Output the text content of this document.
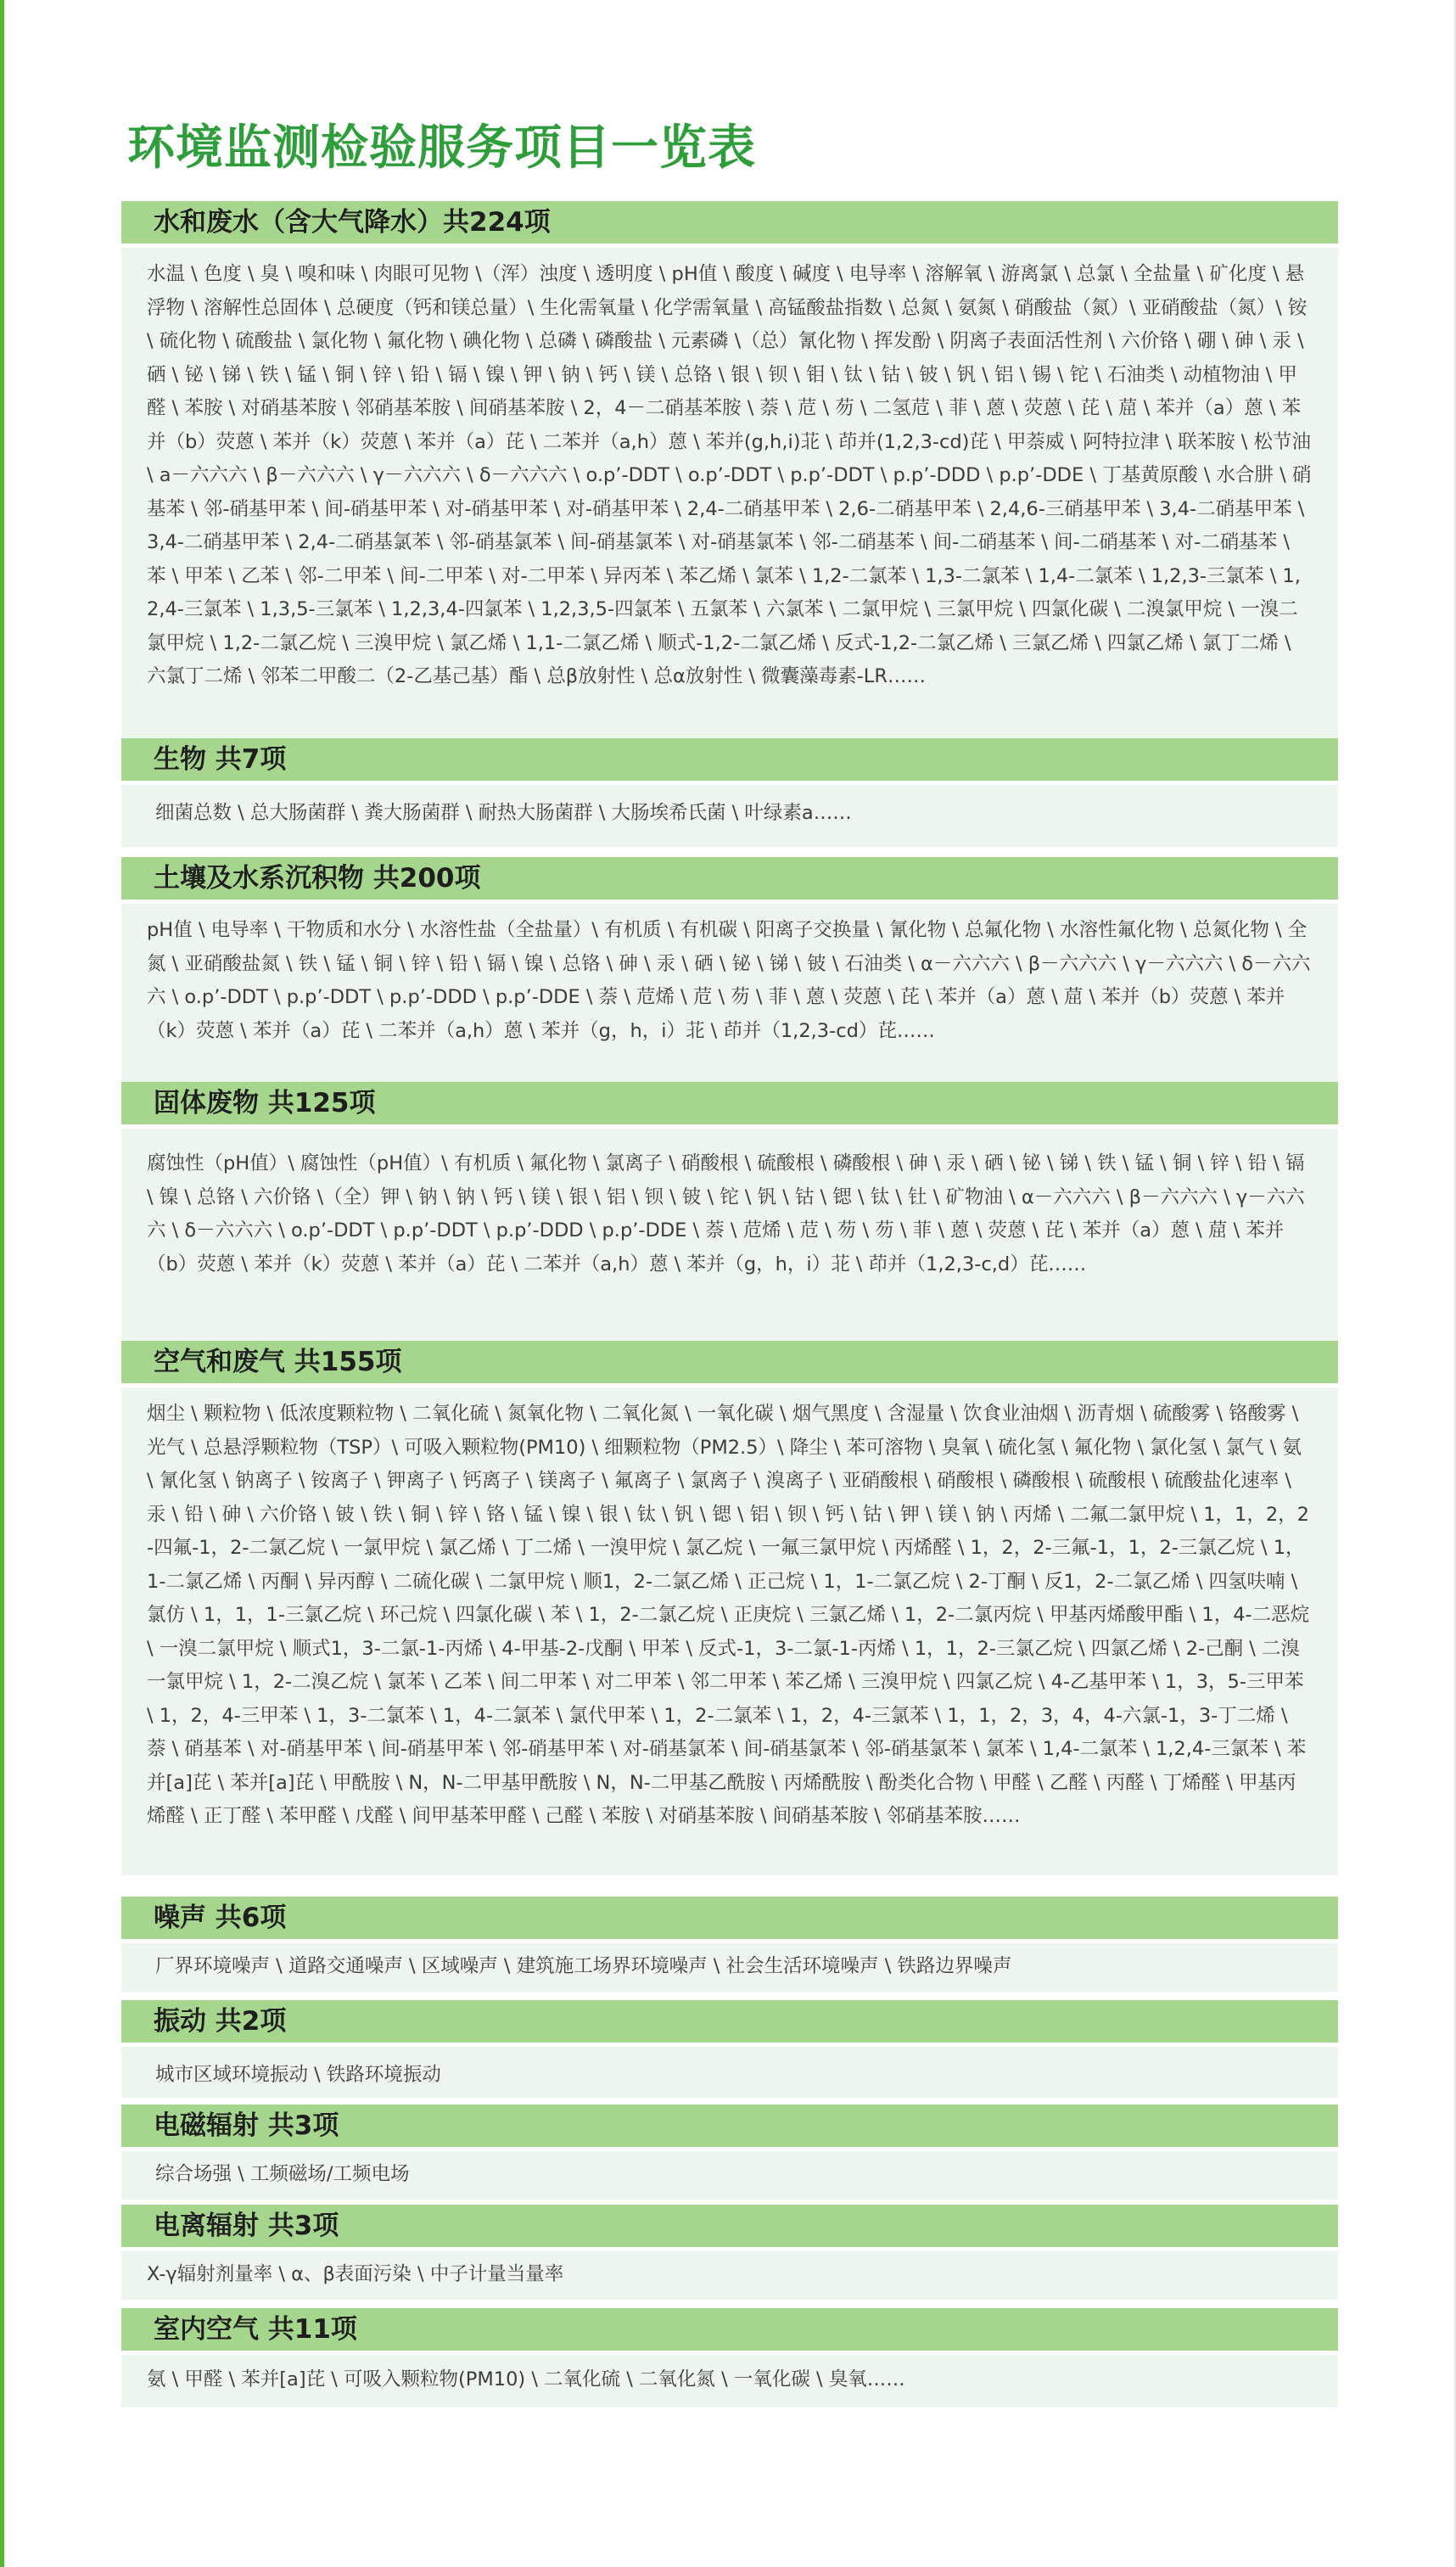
环境监测检验服务项目一览表
水和废水（含大气降水）共224项
水温 \ 色度 \ 臭 \ 嗅和味 \ 肉眼可见物 \（浑）浊度 \ 透明度 \ pH值 \ 酸度 \ 碱度 \ 电导率 \ 溶解氧 \ 游离氯 \ 总氯 \ 全盐量 \ 矿化度 \ 悬浮物 \ 溶解性总固体 \ 总硬度（钙和镁总量）\ 生化需氧量 \ 化学需氧量 \ 高锰酸盐指数 \ 总氮 \ 氨氮 \ 硝酸盐（氮）\ 亚硝酸盐（氮）\ 铵 \ 硫化物 \ 硫酸盐 \ 氯化物 \ 氟化物 \ 碘化物 \ 总磷 \ 磷酸盐 \ 元素磷 \（总）氰化物 \ 挥发酚 \ 阴离子表面活性剂 \ 六价铬 \ 硼 \ 砷 \ 汞 \ 硒 \ 铋 \ 锑 \ 铁 \ 锰 \ 铜 \ 锌 \ 铅 \ 镉 \ 镍 \ 钾 \ 钠 \ 钙 \ 镁 \ 总铬 \ 银 \ 钡 \ 钼 \ 钛 \ 钴 \ 铍 \ 钒 \ 铝 \ 锡 \ 铊 \ 石油类 \ 动植物油 \ 甲醛 \ 苯胺 \ 对硝基苯胺 \ 邻硝基苯胺 \ 间硝基苯胺 \ 2，4－二硝基苯胺 \ 萘 \ 苊 \ 芴 \ 二氢苊 \ 菲 \ 蒽 \ 荧蒽 \ 芘 \ 䓛 \ 苯并（a）蒽 \ 苯并（b）荧蒽 \ 苯并（k）荧蒽 \ 苯并（a）芘 \ 二苯并（a,h）蒽 \ 苯并(g,h,i)苝 \ 茚并(1,2,3-cd)芘 \ 甲萘威 \ 阿特拉津 \ 联苯胺 \ 松节油 \ a－六六六 \ β－六六六 \ γ－六六六 \ δ－六六六 \ o.p’-DDT \ o.p’-DDT \ p.p’-DDT \ p.p’-DDD \ p.p’-DDE \ 丁基黄原酸 \ 水合肼 \ 硝基苯 \ 邻-硝基甲苯 \ 间-硝基甲苯 \ 对-硝基甲苯 \ 对-硝基甲苯 \ 2,4-二硝基甲苯 \ 2,6-二硝基甲苯 \ 2,4,6-三硝基甲苯 \ 3,4-二硝基甲苯 \ 3,4-二硝基甲苯 \ 2,4-二硝基氯苯 \ 邻-硝基氯苯 \ 间-硝基氯苯 \ 对-硝基氯苯 \ 邻-二硝基苯 \ 间-二硝基苯 \ 间-二硝基苯 \ 对-二硝基苯 \ 苯 \ 甲苯 \ 乙苯 \ 邻-二甲苯 \ 间-二甲苯 \ 对-二甲苯 \ 异丙苯 \ 苯乙烯 \ 氯苯 \ 1,2-二氯苯 \ 1,3-二氯苯 \ 1,4-二氯苯 \ 1,2,3-三氯苯 \ 1,2,4-三氯苯 \ 1,3,5-三氯苯 \ 1,2,3,4-四氯苯 \ 1,2,3,5-四氯苯 \ 五氯苯 \ 六氯苯 \ 二氯甲烷 \ 三氯甲烷 \ 四氯化碳 \ 二溴氯甲烷 \ 一溴二氯甲烷 \ 1,2-二氯乙烷 \ 三溴甲烷 \ 氯乙烯 \ 1,1-二氯乙烯 \ 顺式-1,2-二氯乙烯 \ 反式-1,2-二氯乙烯 \ 三氯乙烯 \ 四氯乙烯 \ 氯丁二烯 \ 六氯丁二烯 \ 邻苯二甲酸二（2-乙基己基）酯 \ 总β放射性 \ 总α放射性 \ 微囊藻毒素-LR……
生物 共7项
细菌总数 \ 总大肠菌群 \ 粪大肠菌群 \ 耐热大肠菌群 \ 大肠埃希氏菌 \ 叶绿素a……
土壤及水系沉积物 共200项
pH值 \ 电导率 \ 干物质和水分 \ 水溶性盐（全盐量）\ 有机质 \ 有机碳 \ 阳离子交换量 \ 氰化物 \ 总氟化物 \ 水溶性氟化物 \ 总氮化物 \ 全氮 \ 亚硝酸盐氮 \ 铁 \ 锰 \ 铜 \ 锌 \ 铅 \ 镉 \ 镍 \ 总铬 \ 砷 \ 汞 \ 硒 \ 铋 \ 锑 \ 铍 \ 石油类 \ α－六六六 \ β－六六六 \ γ－六六六 \ δ－六六六 \ o.p’-DDT \ p.p’-DDT \ p.p’-DDD \ p.p’-DDE \ 萘 \ 苊烯 \ 苊 \ 芴 \ 菲 \ 蒽 \ 荧蒽 \ 芘 \ 苯并（a）蒽 \ 䓛 \ 苯并（b）荧蒽 \ 苯并（k）荧蒽 \ 苯并（a）芘 \ 二苯并（a,h）蒽 \ 苯并（g，h，i）苝 \ 茚并（1,2,3-cd）芘……
固体废物 共125项
腐蚀性（pH值）\ 腐蚀性（pH值）\ 有机质 \ 氟化物 \ 氯离子 \ 硝酸根 \ 硫酸根 \ 磷酸根 \ 砷 \ 汞 \ 硒 \ 铋 \ 锑 \ 铁 \ 锰 \ 铜 \ 锌 \ 铅 \ 镉 \ 镍 \ 总铬 \ 六价铬 \（全）钾 \ 钠 \ 钠 \ 钙 \ 镁 \ 银 \ 铝 \ 钡 \ 铍 \ 铊 \ 钒 \ 钴 \ 锶 \ 钛 \ 钍 \ 矿物油 \ α－六六六 \ β－六六六 \ γ－六六六 \ δ－六六六 \ o.p’-DDT \ p.p’-DDT \ p.p’-DDD \ p.p’-DDE \ 萘 \ 苊烯 \ 苊 \ 芴 \ 芴 \ 菲 \ 蒽 \ 荧蒽 \ 芘 \ 苯并（a）蒽 \ 䓛 \ 苯并（b）荧蒽 \ 苯并（k）荧蒽 \ 苯并（a）芘 \ 二苯并（a,h）蒽 \ 苯并（g，h，i）苝 \ 茚并（1,2,3-c,d）芘……
空气和废气 共155项
烟尘 \ 颗粒物 \ 低浓度颗粒物 \ 二氧化硫 \ 氮氧化物 \ 二氧化氮 \ 一氧化碳 \ 烟气黑度 \ 含湿量 \ 饮食业油烟 \ 沥青烟 \ 硫酸雾 \ 铬酸雾 \ 光气 \ 总悬浮颗粒物（TSP）\ 可吸入颗粒物(PM10) \ 细颗粒物（PM2.5）\ 降尘 \ 苯可溶物 \ 臭氧 \ 硫化氢 \ 氟化物 \ 氯化氢 \ 氯气 \ 氨 \ 氰化氢 \ 钠离子 \ 铵离子 \ 钾离子 \ 钙离子 \ 镁离子 \ 氟离子 \ 氯离子 \ 溴离子 \ 亚硝酸根 \ 硝酸根 \ 磷酸根 \ 硫酸根 \ 硫酸盐化速率 \ 汞 \ 铅 \ 砷 \ 六价铬 \ 铍 \ 铁 \ 铜 \ 锌 \ 铬 \ 锰 \ 镍 \ 银 \ 钛 \ 钒 \ 锶 \ 铝 \ 钡 \ 钙 \ 钴 \ 钾 \ 镁 \ 钠 \ 丙烯 \ 二氟二氯甲烷 \ 1，1，2，2-四氟-1，2-二氯乙烷 \ 一氯甲烷 \ 氯乙烯 \ 丁二烯 \ 一溴甲烷 \ 氯乙烷 \ 一氟三氯甲烷 \ 丙烯醛 \ 1，2，2-三氟-1，1，2-三氯乙烷 \ 1，1-二氯乙烯 \ 丙酮 \ 异丙醇 \ 二硫化碳 \ 二氯甲烷 \ 顺1，2-二氯乙烯 \ 正己烷 \ 1，1-二氯乙烷 \ 2-丁酮 \ 反1，2-二氯乙烯 \ 四氢呋喃 \ 氯仿 \ 1，1，1-三氯乙烷 \ 环己烷 \ 四氯化碳 \ 苯 \ 1，2-二氯乙烷 \ 正庚烷 \ 三氯乙烯 \ 1，2-二氯丙烷 \ 甲基丙烯酸甲酯 \ 1，4-二恶烷 \ 一溴二氯甲烷 \ 顺式1，3-二氯-1-丙烯 \ 4-甲基-2-戊酮 \ 甲苯 \ 反式-1，3-二氯-1-丙烯 \ 1，1，2-三氯乙烷 \ 四氯乙烯 \ 2-己酮 \ 二溴一氯甲烷 \ 1，2-二溴乙烷 \ 氯苯 \ 乙苯 \ 间二甲苯 \ 对二甲苯 \ 邻二甲苯 \ 苯乙烯 \ 三溴甲烷 \ 四氯乙烷 \ 4-乙基甲苯 \ 1，3，5-三甲苯 \ 1，2，4-三甲苯 \ 1，3-二氯苯 \ 1，4-二氯苯 \ 氯代甲苯 \ 1，2-二氯苯 \ 1，2，4-三氯苯 \ 1，1，2，3，4，4-六氯-1，3-丁二烯 \ 萘 \ 硝基苯 \ 对-硝基甲苯 \ 间-硝基甲苯 \ 邻-硝基甲苯 \ 对-硝基氯苯 \ 间-硝基氯苯 \ 邻-硝基氯苯 \ 氯苯 \ 1,4-二氯苯 \ 1,2,4-三氯苯 \ 苯并[a]芘 \ 苯并[a]芘 \ 甲酰胺 \ N，N-二甲基甲酰胺 \ N，N-二甲基乙酰胺 \ 丙烯酰胺 \ 酚类化合物 \ 甲醛 \ 乙醛 \ 丙醛 \ 丁烯醛 \ 甲基丙烯醛 \ 正丁醛 \ 苯甲醛 \ 戊醛 \ 间甲基苯甲醛 \ 己醛 \ 苯胺 \ 对硝基苯胺 \ 间硝基苯胺 \ 邻硝基苯胺……
噪声 共6项
厂界环境噪声 \ 道路交通噪声 \ 区域噪声 \ 建筑施工场界环境噪声 \ 社会生活环境噪声 \ 铁路边界噪声
振动 共2项
城市区域环境振动 \ 铁路环境振动
电磁辐射 共3项
综合场强 \ 工频磁场/工频电场
电离辐射 共3项
X-γ辐射剂量率 \ α、β表面污染 \ 中子计量当量率
室内空气 共11项
氨 \ 甲醛 \ 苯并[a]芘 \ 可吸入颗粒物(PM10) \ 二氧化硫 \ 二氧化氮 \ 一氧化碳 \ 臭氧……
